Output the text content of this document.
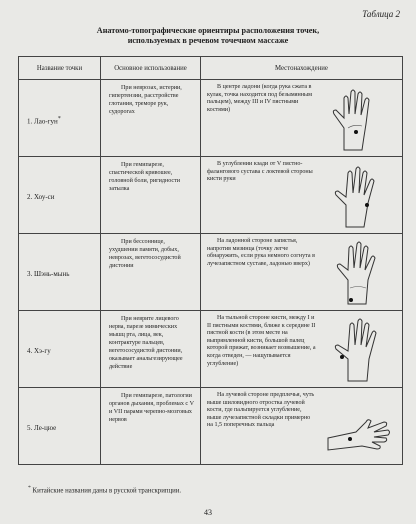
Таблица 2
Анатомо-топографические ориентиры расположения точек,
используемых в речевом точечном массаже
Название точки	Основное использование	Местонахождение

1. Лао-гун*	При неврозах, истерии, гипертензии, расстройстве глотания, треморе рук, судорогах	В центре ладони (когда рука сжата в кулак, точка находится под безымянным пальцем), между III и IV пястными костями)

2. Хоу-си	При гемипарезе, спастической кривошее, головной боли, ригидности затылка	В углублении кзади от V пястно-фалангового сустава с локтевой стороны кисти руки

3. Шэнь-мынь	При бессоннице, ухудшении памяти, добых, неврозах, вегетососудистой дистонии	На ладонной стороне запястья, напротив мизинца (точку легче обнаружить, если рука немного согнута в лучезапястном суставе, ладонью вверх)

4. Хэ-гу	При неврите лицевого нерва, парезе мимических мышц рта, лица, век, контрактуре пальцев, вегетососудистой дистонии, оказывает анальгезирующее действие	На тыльной стороне кисти, между I и II пястными костями, ближе к середине II пястной кости (в этом месте на выпрямленной кисти, большой палец которой прижат, возникает возвышение, а когда отведен, — нащупывается углубление)

5. Ле-цюе	При гемипарезе, патологии органов дыхания, проблемах с V и VII парами черепно-мозговых нервов	На лучевой стороне предплечья, чуть выше шиловидного отростка лучевой кости, где пальпируется углубление, выше лучезапястной складки примерно на 1,5 поперечных пальца
* Китайские названия даны в русской транскрипции.
43
